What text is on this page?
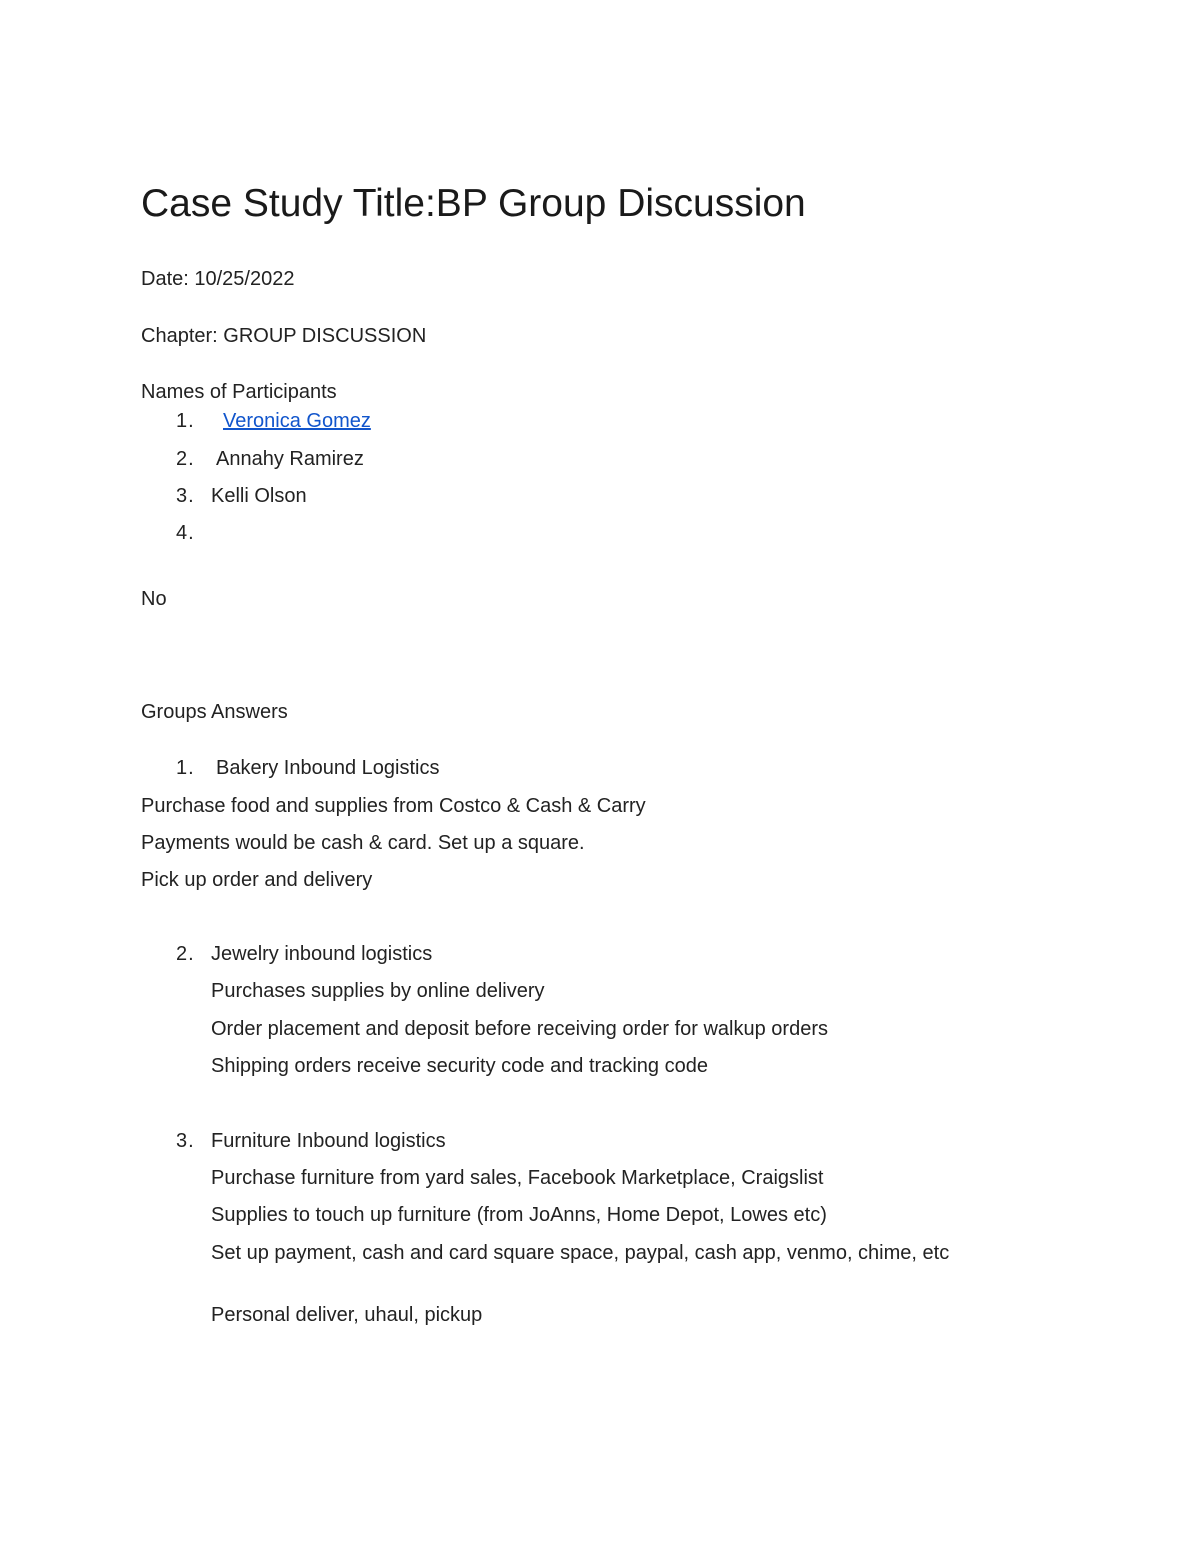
Case Study Title:BP Group Discussion
Date: 10/25/2022
Chapter: GROUP DISCUSSION
Names of Participants
1. Veronica Gomez
2. Annahy Ramirez
3. Kelli Olson
4.
No
Groups Answers
1. Bakery Inbound Logistics
Purchase food and supplies from Costco & Cash & Carry
Payments would be cash & card. Set up a square.
Pick up order and delivery
2. Jewelry inbound logistics
Purchases supplies by online delivery
Order placement and deposit before receiving order for walkup orders
Shipping orders receive security code and tracking code
3. Furniture Inbound logistics
Purchase furniture from yard sales, Facebook Marketplace, Craigslist
Supplies to touch up furniture (from JoAnns, Home Depot, Lowes etc)
Set up payment, cash and card square space, paypal, cash app, venmo, chime, etc
Personal deliver, uhaul, pickup
